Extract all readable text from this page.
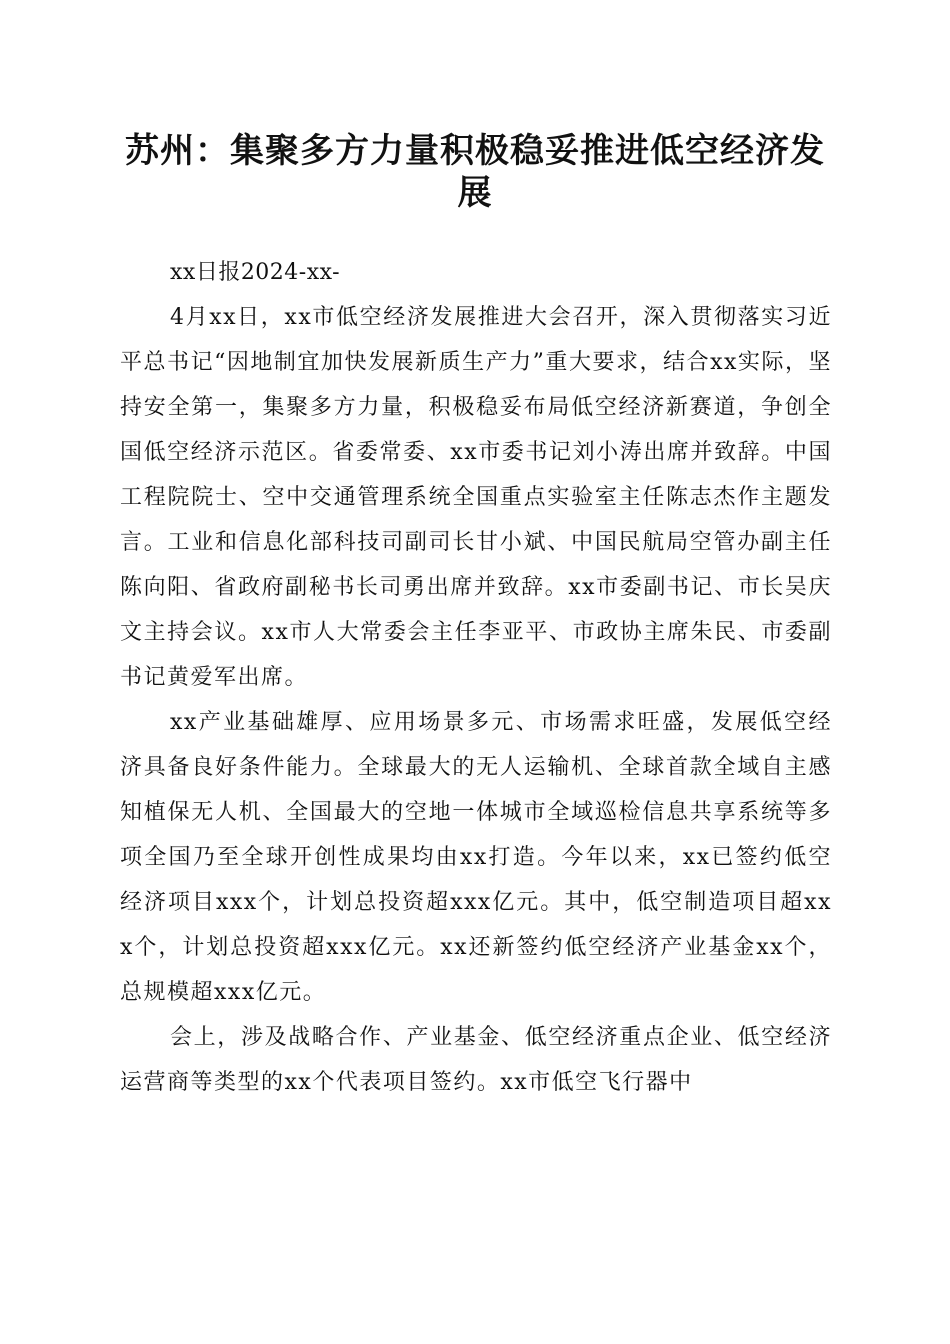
苏州：集聚多方力量积极稳妥推进低空经济发展

xx日报2024-xx-

4月xx日，xx市低空经济发展推进大会召开，深入贯彻落实习近平总书记“因地制宜加快发展新质生产力”重大要求，结合xx实际，坚持安全第一，集聚多方力量，积极稳妥布局低空经济新赛道，争创全国低空经济示范区。省委常委、xx市委书记刘小涛出席并致辞。中国工程院院士、空中交通管理系统全国重点实验室主任陈志杰作主题发言。工业和信息化部科技司副司长甘小斌、中国民航局空管办副主任陈向阳、省政府副秘书长司勇出席并致辞。xx市委副书记、市长吴庆文主持会议。xx市人大常委会主任李亚平、市政协主席朱民、市委副书记黄爱军出席。

xx产业基础雄厚、应用场景多元、市场需求旺盛，发展低空经济具备良好条件能力。全球最大的无人运输机、全球首款全域自主感知植保无人机、全国最大的空地一体城市全域巡检信息共享系统等多项全国乃至全球开创性成果均由xx打造。今年以来，xx已签约低空经济项目xxx个，计划总投资超xxx亿元。其中，低空制造项目超xxx个，计划总投资超xxx亿元。xx还新签约低空经济产业基金xx个，总规模超xxx亿元。

会上，涉及战略合作、产业基金、低空经济重点企业、低空经济运营商等类型的xx个代表项目签约。xx市低空飞行器中
